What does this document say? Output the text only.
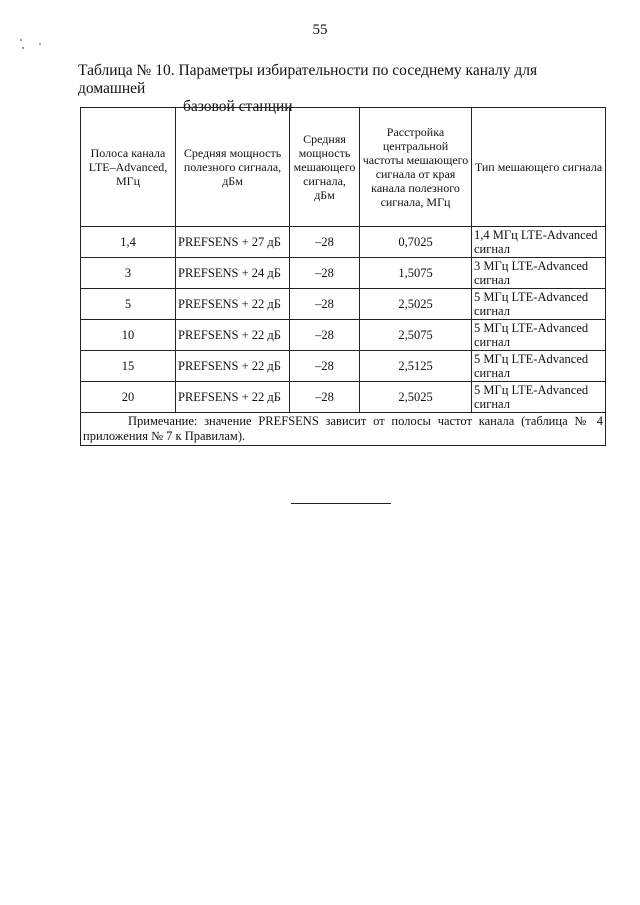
55
Таблица № 10. Параметры избирательности по соседнему каналу для домашней
базовой станции
Полоса канала LTE–Advanced, МГц	Средняя мощность полезного сигнала, дБм	Средняя мощность мешающего сигнала, дБм	Расстройка центральной частоты мешающего сигнала от края канала полезного сигнала, МГц	Тип мешающего сигнала
1,4	PREFSENS + 27 дБ	–28	0,7025	1,4 МГц LTE-Advanced сигнал
3	PREFSENS + 24 дБ	–28	1,5075	3 МГц LTE-Advanced сигнал
5	PREFSENS + 22 дБ	–28	2,5025	5 МГц LTE-Advanced сигнал
10	PREFSENS + 22 дБ	–28	2,5075	5 МГц LTE-Advanced сигнал
15	PREFSENS + 22 дБ	–28	2,5125	5 МГц LTE-Advanced сигнал
20	PREFSENS + 22 дБ	–28	2,5025	5 МГц LTE-Advanced сигнал
Примечание: значение PREFSENS зависит от полосы частот канала (таблица № 4 приложения № 7 к Правилам).				
